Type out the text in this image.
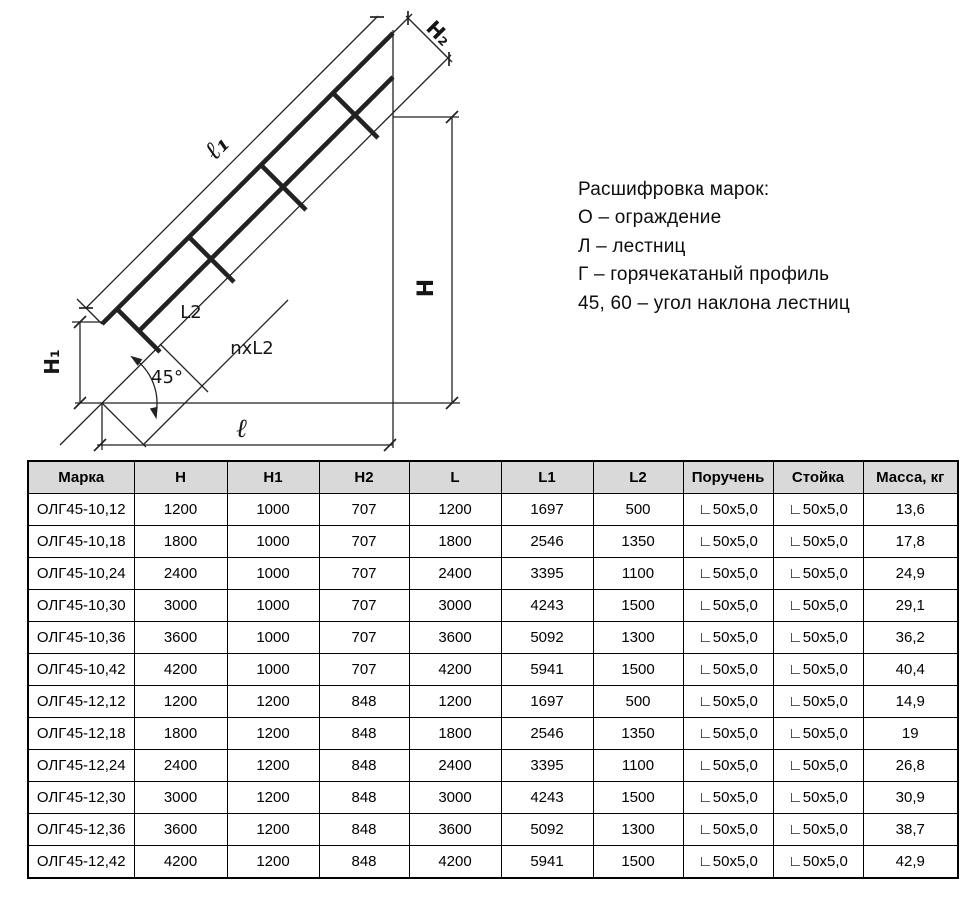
ℓ₁
H₂
H
H₁
ℓ
L2
nxL2
45°
Расшифровка марок:
О – ограждение
Л – лестниц
Г – горячекатаный профиль
45, 60 – угол наклона лестниц
Марка	H	H1	H2	L	L1	L2	Поручень	Стойка	Масса, кг
ОЛГ45-10,12	1200	1000	707	1200	1697	500	∟50x5,0	∟50x5,0	13,6
ОЛГ45-10,18	1800	1000	707	1800	2546	1350	∟50x5,0	∟50x5,0	17,8
ОЛГ45-10,24	2400	1000	707	2400	3395	1100	∟50x5,0	∟50x5,0	24,9
ОЛГ45-10,30	3000	1000	707	3000	4243	1500	∟50x5,0	∟50x5,0	29,1
ОЛГ45-10,36	3600	1000	707	3600	5092	1300	∟50x5,0	∟50x5,0	36,2
ОЛГ45-10,42	4200	1000	707	4200	5941	1500	∟50x5,0	∟50x5,0	40,4
ОЛГ45-12,12	1200	1200	848	1200	1697	500	∟50x5,0	∟50x5,0	14,9
ОЛГ45-12,18	1800	1200	848	1800	2546	1350	∟50x5,0	∟50x5,0	19
ОЛГ45-12,24	2400	1200	848	2400	3395	1100	∟50x5,0	∟50x5,0	26,8
ОЛГ45-12,30	3000	1200	848	3000	4243	1500	∟50x5,0	∟50x5,0	30,9
ОЛГ45-12,36	3600	1200	848	3600	5092	1300	∟50x5,0	∟50x5,0	38,7
ОЛГ45-12,42	4200	1200	848	4200	5941	1500	∟50x5,0	∟50x5,0	42,9
